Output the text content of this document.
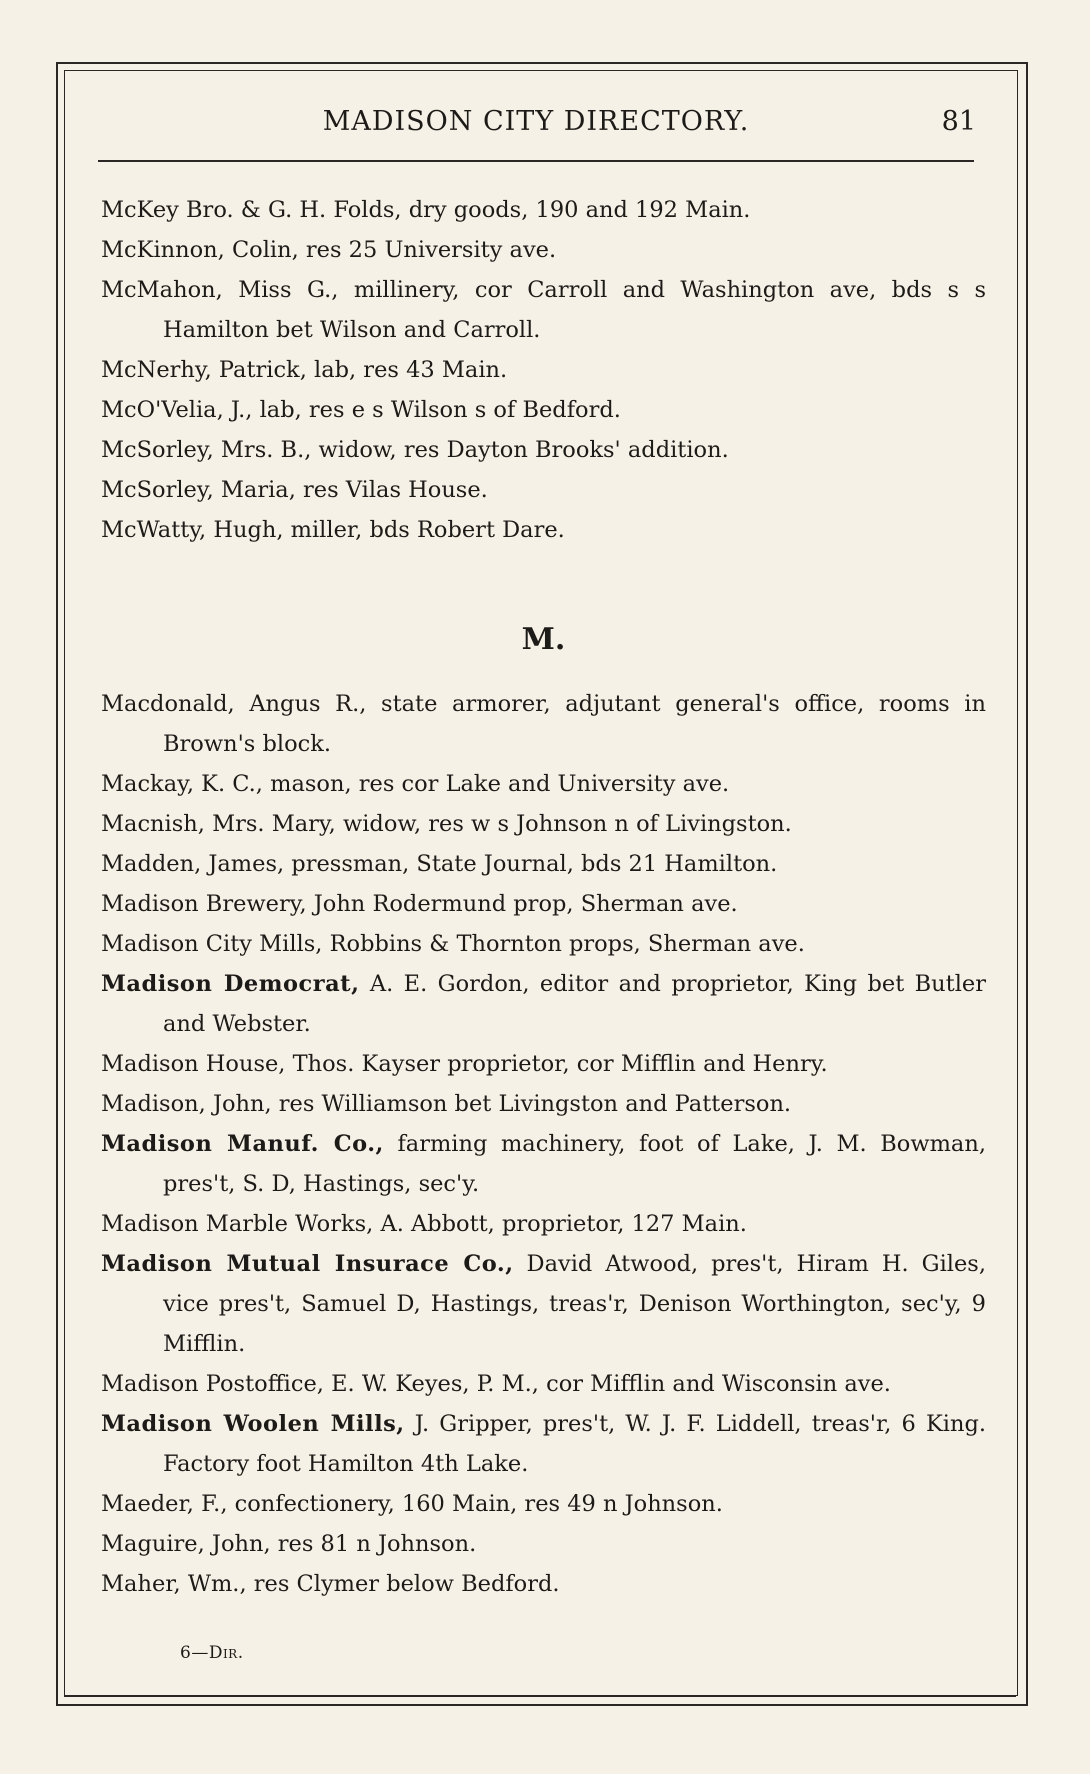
MADISON CITY DIRECTORY.	81

McKey Bro. & G. H. Folds, dry goods, 190 and 192 Main.

McKinnon, Colin, res 25 University ave.

McMahon, Miss G., millinery, cor Carroll and Washington ave, bds s s Hamilton bet Wilson and Carroll.

McNerhy, Patrick, lab, res 43 Main.

McO'Velia, J., lab, res e s Wilson s of Bedford.

McSorley, Mrs. B., widow, res Dayton Brooks' addition.

McSorley, Maria, res Vilas House.

McWatty, Hugh, miller, bds Robert Dare.

M.

Macdonald, Angus R., state armorer, adjutant general's office, rooms in Brown's block.

Mackay, K. C., mason, res cor Lake and University ave.

Macnish, Mrs. Mary, widow, res w s Johnson n of Livingston.

Madden, James, pressman, State Journal, bds 21 Hamilton.

Madison Brewery, John Rodermund prop, Sherman ave.

Madison City Mills, Robbins & Thornton props, Sherman ave.

Madison Democrat, A. E. Gordon, editor and proprietor, King bet Butler and Webster.

Madison House, Thos. Kayser proprietor, cor Mifflin and Henry.

Madison, John, res Williamson bet Livingston and Patterson.

Madison Manuf. Co., farming machinery, foot of Lake, J. M. Bowman, pres't, S. D, Hastings, sec'y.

Madison Marble Works, A. Abbott, proprietor, 127 Main.

Madison Mutual Insurace Co., David Atwood, pres't, Hiram H. Giles, vice pres't, Samuel D, Hastings, treas'r, Denison Worthington, sec'y, 9 Mifflin.

Madison Postoffice, E. W. Keyes, P. M., cor Mifflin and Wisconsin ave.

Madison Woolen Mills, J. Gripper, pres't, W. J. F. Liddell, treas'r, 6 King. Factory foot Hamilton 4th Lake.

Maeder, F., confectionery, 160 Main, res 49 n Johnson.

Maguire, John, res 81 n Johnson.

Maher, Wm., res Clymer below Bedford.

6—Dir.
